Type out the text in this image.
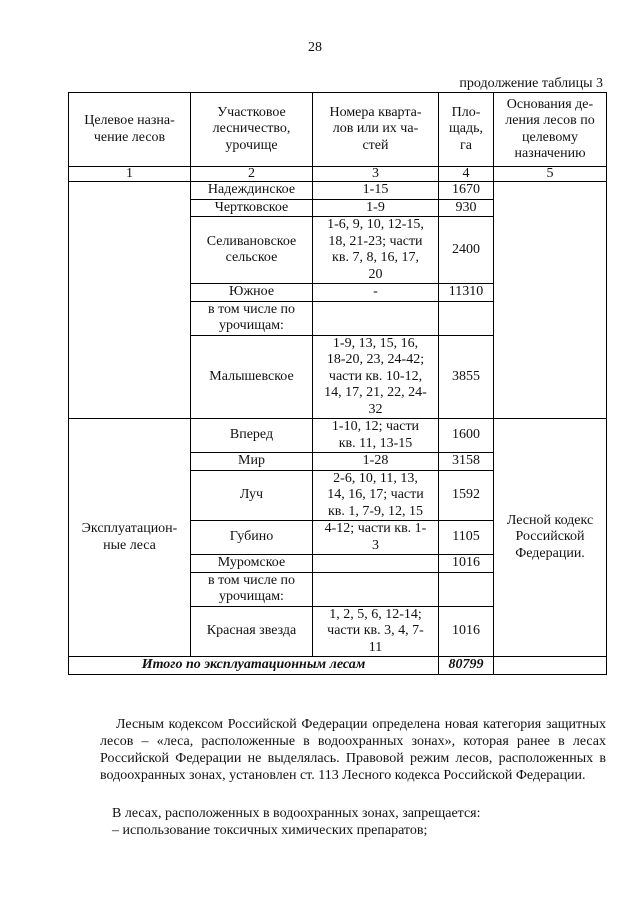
28
продолжение таблицы 3
Целевое назна-
чение лесов	Участковое
лесничество,
урочище	Номера кварта-
лов или их ча-
стей	Пло-
щадь,
га	Основания де-
ления лесов по
целевому
назначению
1	2	3	4	5
	Надеждинское	1-15	1670	
	Чертковское	1-9	930	
	Селивановское
сельское	1-6, 9, 10, 12-15,
18, 21-23; части
кв. 7, 8, 16, 17,
20	2400	
	Южное	-	11310	
	в том числе по
урочищам:			
	Малышевское	1-9, 13, 15, 16,
18-20, 23, 24-42;
части кв. 10-12,
14, 17, 21, 22, 24-
32	3855	
Эксплуатацион-
ные леса	Вперед	1-10, 12; части
кв. 11, 13-15	1600	Лесной кодекс
Российской
Федерации.
	Мир	1-28	3158	
	Луч	2-6, 10, 11, 13,
14, 16, 17; части
кв. 1, 7-9, 12, 15	1592	
	Губино	4-12; части кв. 1-
3	1105	
	Муромское		1016	
	в том числе по
урочищам:			
	Красная звезда	1, 2, 5, 6, 12-14;
части кв. 3, 4, 7-
11	1016	
Итого по эксплуатационным лесам			80799	

Лесным кодексом Российской Федерации определена новая категория защитных лесов – «леса, расположенные в водоохранных зонах», которая ранее в лесах Российской Федерации не выделялась. Правовой режим лесов, расположенных в водоохранных зонах, установлен ст. 113 Лесного кодекса Российской Федерации.

В лесах, расположенных в водоохранных зонах, запрещается:

– использование токсичных химических препаратов;
